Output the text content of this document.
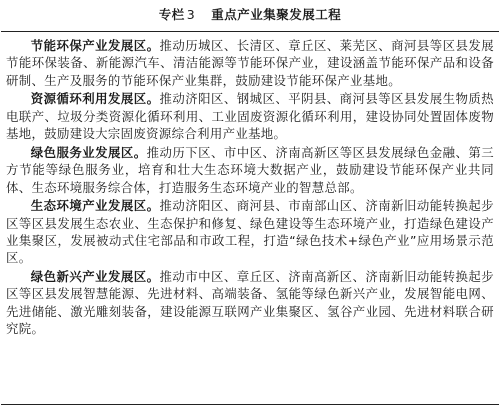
专栏 3 重点产业集聚发展工程

节能环保产业发展区。推动历城区、长清区、章丘区、莱芜区、商河县等区县发展节能环保装备、新能源汽车、清洁能源等节能环保产业，建设涵盖节能环保产品和设备研制、生产及服务的节能环保产业集群，鼓励建设节能环保产业基地。

资源循环利用发展区。推动济阳区、钢城区、平阴县、商河县等区县发展生物质热电联产、垃圾分类资源化循环利用、工业固废资源化循环利用，建设协同处置固体废物基地，鼓励建设大宗固废资源综合利用产业基地。

绿色服务业发展区。推动历下区、市中区、济南高新区等区县发展绿色金融、第三方节能等绿色服务业，培育和壮大生态环境大数据产业，鼓励建设节能环保产业共同体、生态环境服务综合体，打造服务生态环境产业的智慧总部。

生态环境产业发展区。推动济阳区、商河县、市南部山区、济南新旧动能转换起步区等区县发展生态农业、生态保护和修复、绿色建设等生态环境产业，打造绿色建设产业集聚区，发展被动式住宅部品和市政工程，打造“绿色技术+绿色产业”应用场景示范区。

绿色新兴产业发展区。推动市中区、章丘区、济南高新区、济南新旧动能转换起步区等区县发展智慧能源、先进材料、高端装备、氢能等绿色新兴产业，发展智能电网、先进储能、激光雕刻装备，建设能源互联网产业集聚区、氢谷产业园、先进材料联合研究院。
